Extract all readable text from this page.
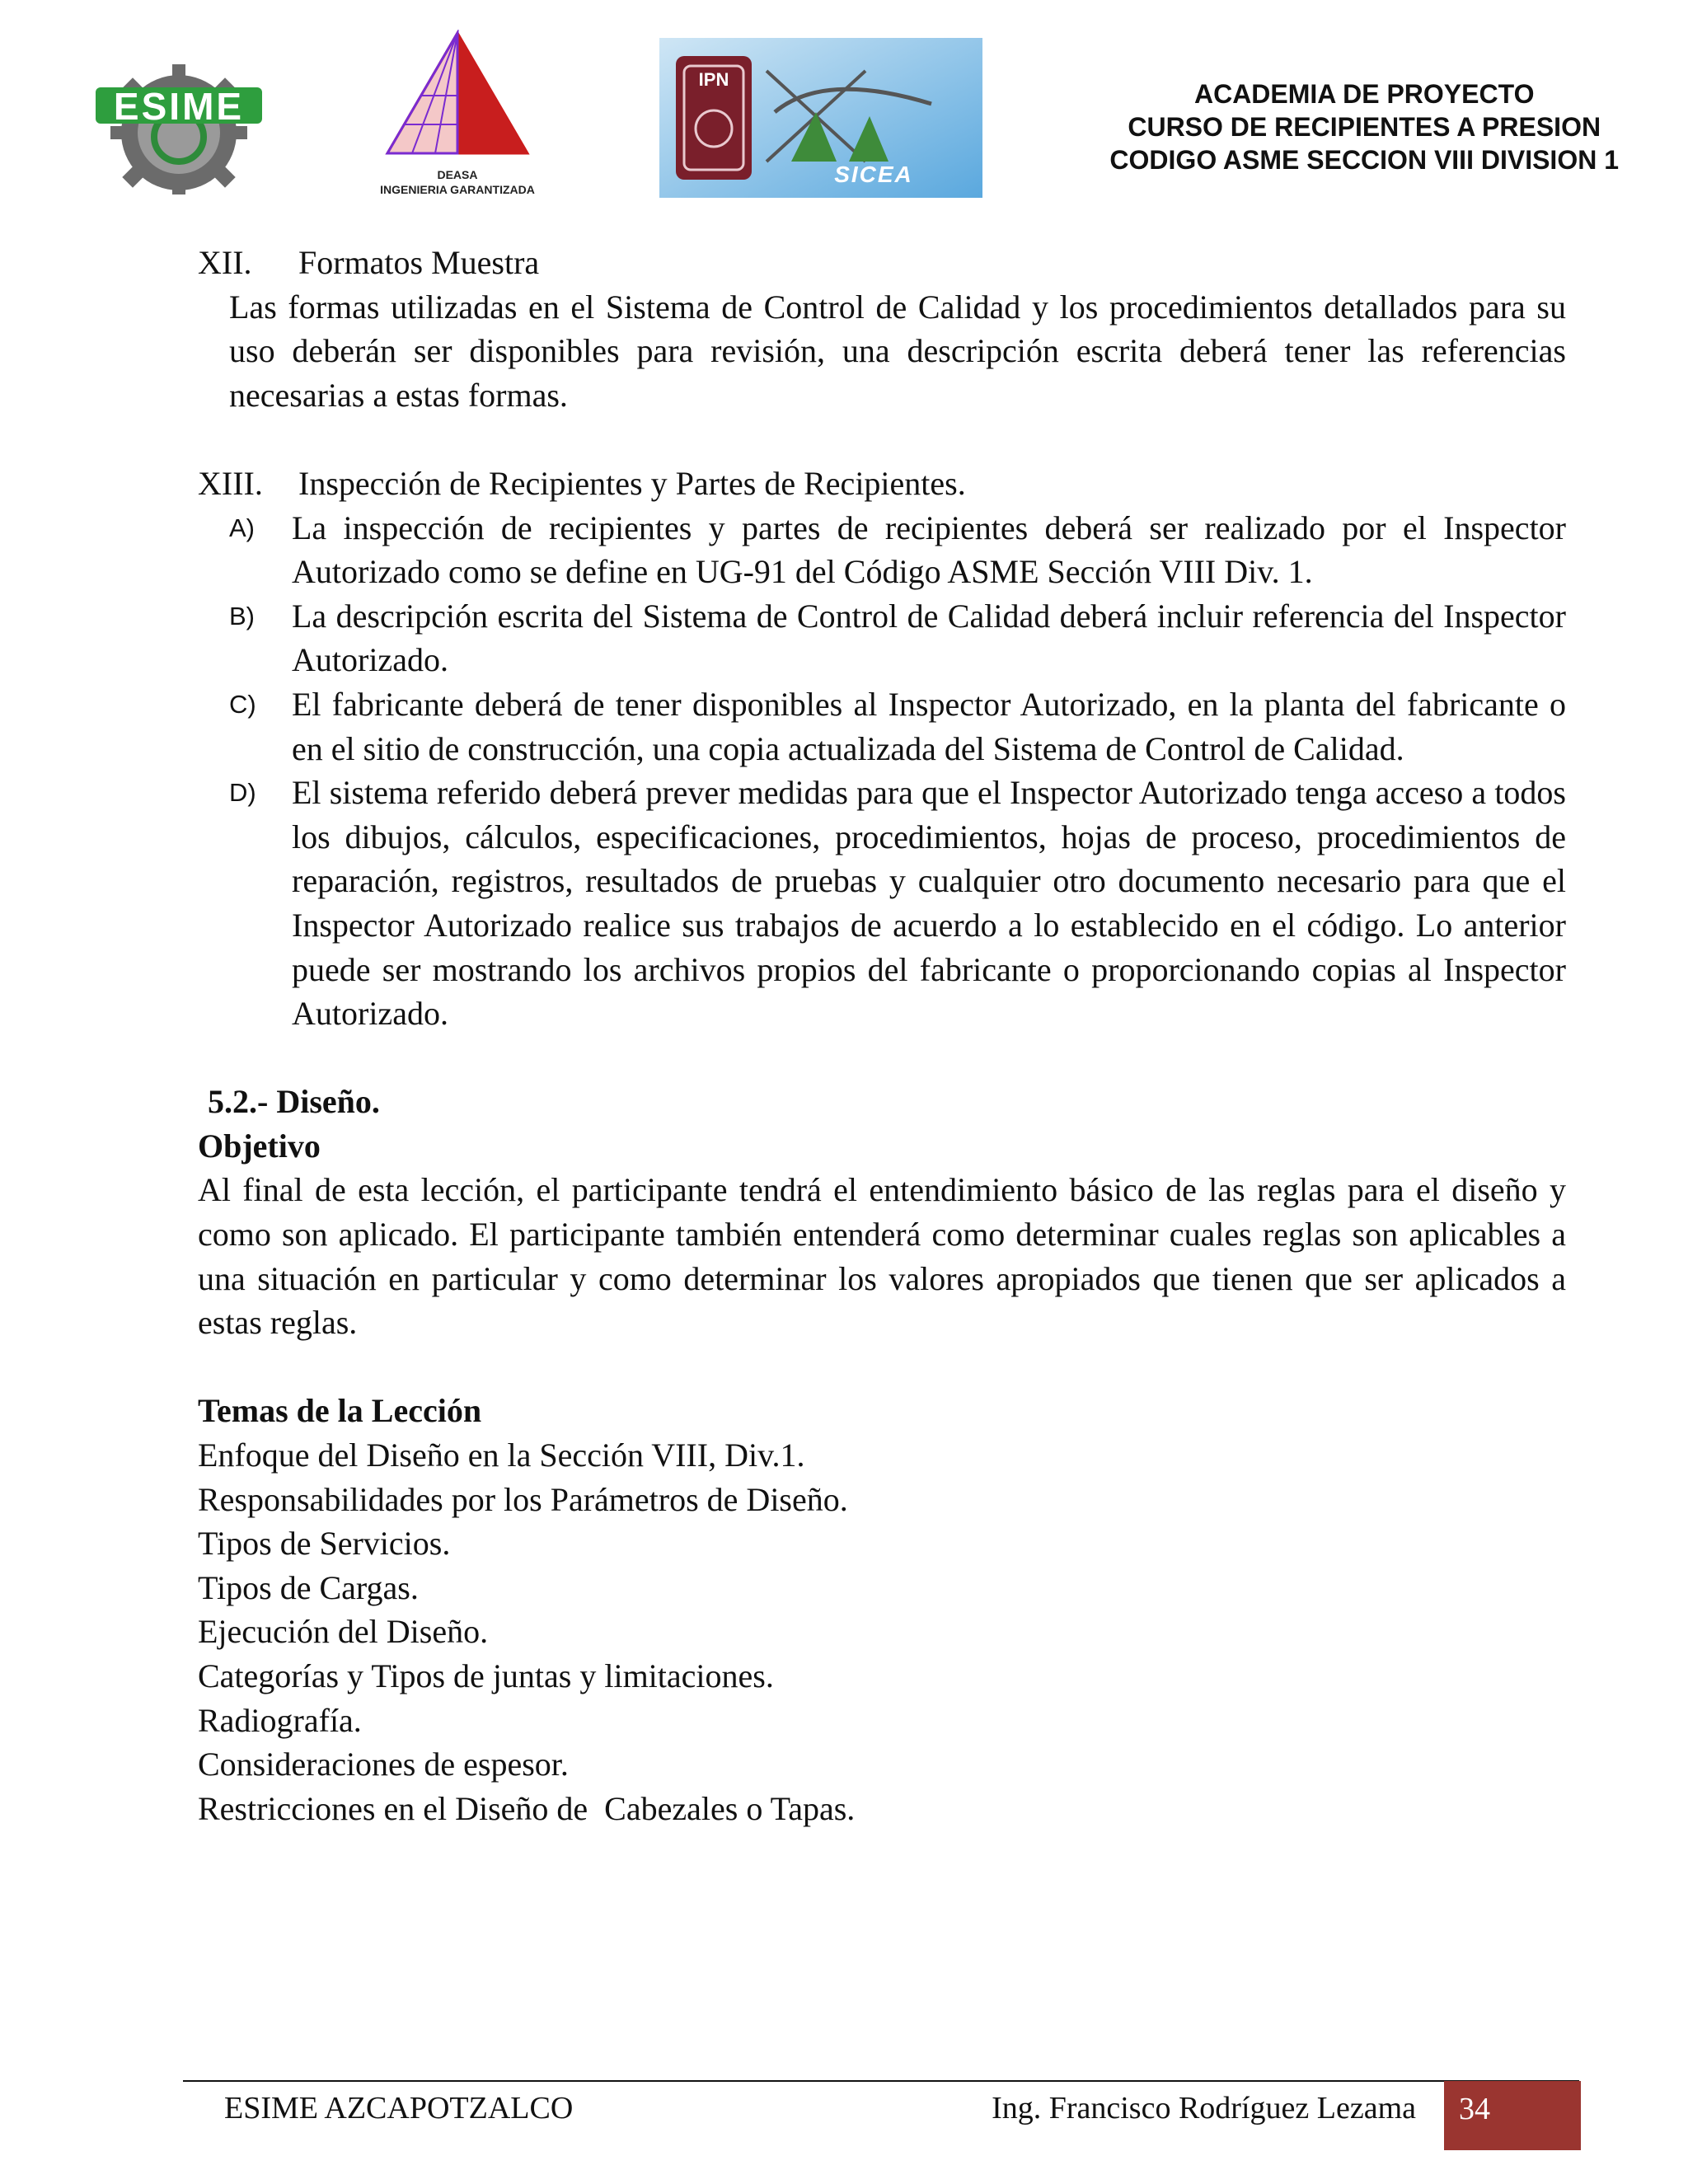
ESIME
DEASA
INGENIERIA GARANTIZADA
IPN
SICEA
ACADEMIA DE PROYECTO
CURSO DE RECIPIENTES A PRESION
CODIGO ASME SECCION VIII DIVISION 1
XII.	Formatos Muestra

Las formas utilizadas en el Sistema de Control de Calidad y los procedimientos detallados para su uso deberán ser disponibles para revisión, una descripción escrita deberá tener las referencias necesarias a estas formas.

XIII.	Inspección de Recipientes y Partes de Recipientes.
A)	La inspección de recipientes y partes de recipientes deberá ser realizado por el Inspector Autorizado como se define en UG-91 del Código ASME Sección VIII Div. 1.
B)	La descripción escrita del Sistema de Control de Calidad deberá incluir referencia del Inspector Autorizado.
C)	El fabricante deberá de tener disponibles al Inspector Autorizado, en la planta del fabricante o en el sitio de construcción, una copia actualizada del Sistema de Control de Calidad.
D)	El sistema referido deberá prever medidas para que el Inspector Autorizado tenga acceso a todos los dibujos, cálculos, especificaciones, procedimientos, hojas de proceso, procedimientos de reparación, registros, resultados de pruebas y cualquier otro documento necesario para que el Inspector Autorizado realice sus trabajos de acuerdo a lo establecido en el código. Lo anterior puede ser mostrando los archivos propios del fabricante o proporcionando copias al Inspector Autorizado.

5.2.- Diseño.

Objetivo

Al final de esta lección, el participante tendrá el entendimiento básico de las reglas para el diseño y como son aplicado. El participante también entenderá como determinar cuales reglas son aplicables a una situación en particular y como determinar los valores apropiados que tienen que ser aplicados a estas reglas.

Temas de la Lección

Enfoque del Diseño en la Sección VIII, Div.1.

Responsabilidades por los Parámetros de Diseño.

Tipos de Servicios.

Tipos de Cargas.

Ejecución del Diseño.

Categorías y Tipos de juntas y limitaciones.

Radiografía.

Consideraciones de espesor.

Restricciones en el Diseño de  Cabezales o Tapas.

ESIME AZCAPOTZALCO	Ing. Francisco Rodríguez Lezama	34
